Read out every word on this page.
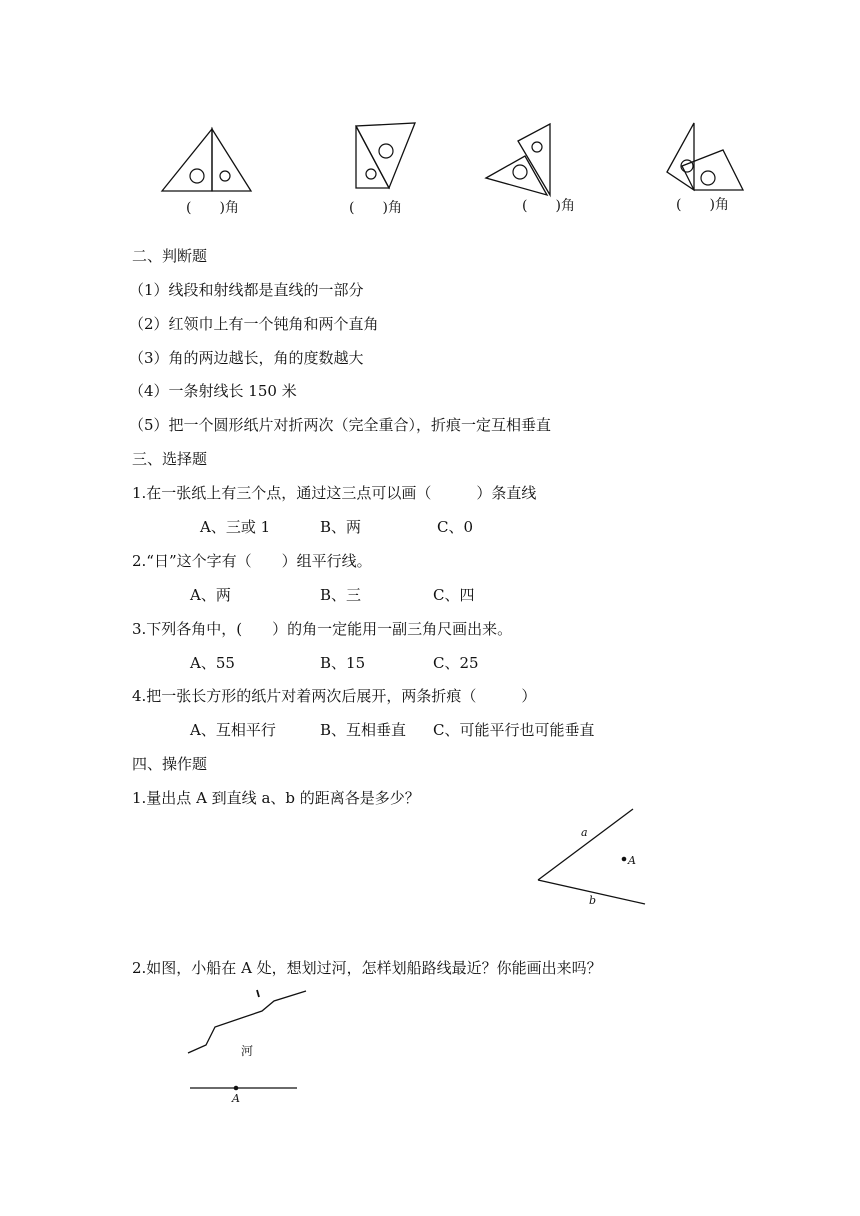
(　　)角	(　　)角	(　　)角	(　　)角
二、判断题
（1）线段和射线都是直线的一部分
（2）红领巾上有一个钝角和两个直角
（3）角的两边越长，角的度数越大
（4）一条射线长 150 米
（5）把一个圆形纸片对折两次（完全重合），折痕一定互相垂直
三、选择题
1.在一张纸上有三个点，通过这三点可以画（　　　）条直线
A、三或 1	B、两	C、0
2.“日”这个字有（　　）组平行线。
A、两	B、三	C、四
3.下列各角中，(　　）的角一定能用一副三角尺画出来。
A、55	B、15	C、25
4.把一张长方形的纸片对着两次后展开，两条折痕（　　　）
A、互相平行	B、互相垂直 C、可能平行也可能垂直
四、操作题
1.量出点 A 到直线 a、b 的距离各是多少？
a
b
A
2.如图，小船在 A 处，想划过河，怎样划船路线最近？你能画出来吗？
河
A
